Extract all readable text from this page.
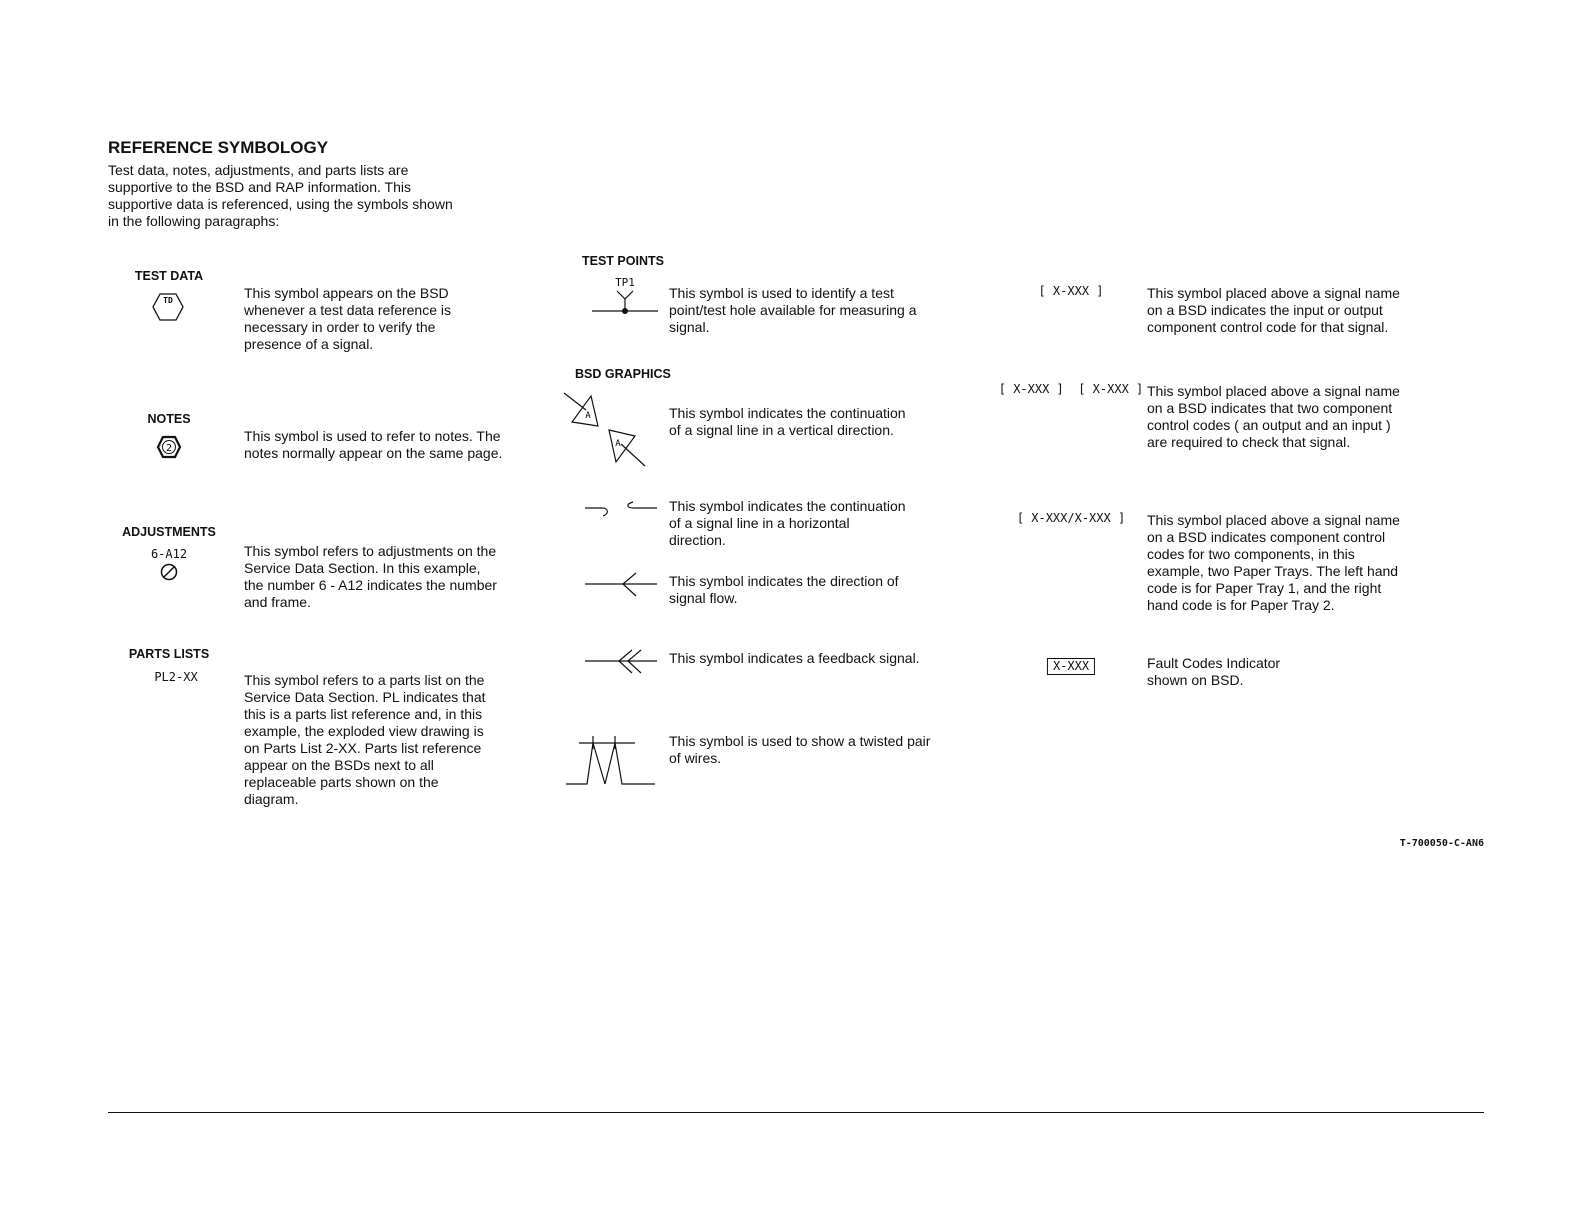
REFERENCE SYMBOLOGY

Test data, notes, adjustments, and parts lists are supportive to the BSD and RAP information. This supportive data is referenced, using the symbols shown in the following paragraphs:

TEST DATA
TD	This symbol appears on the BSD whenever a test data reference is necessary in order to verify the presence of a signal.

NOTES
2

This symbol is used to refer to notes. The notes normally appear on the same page.

ADJUSTMENTS
6-A12	This symbol refers to adjustments on the Service Data Section. In this example, the number 6 - A12 indicates the number and frame.

PARTS LISTS
PL2-XX	This symbol refers to a parts list on the Service Data Section. PL indicates that this is a parts list reference and, in this example, the exploded view drawing is on Parts List 2-XX. Parts list reference appear on the BSDs next to all replaceable parts shown on the diagram.

TEST POINTS
TP1

This symbol is used to identify a test point/test hole available for measuring a signal.

BSD GRAPHICS
A
A

This symbol indicates the continuation of a signal line in a vertical direction.

This symbol indicates the continuation of a signal line in a horizontal direction.

This symbol indicates the direction of signal flow.

This symbol indicates a feedback signal.

This symbol is used to show a twisted pair of wires.

[ X-XXX ]	This symbol placed above a signal name on a BSD indicates the input or output component control code for that signal.

[ X-XXX ]  [ X-XXX ] This symbol placed above a signal name on a BSD indicates that two component control codes ( an output and an input ) are required to check that signal.

[ X-XXX/X-XXX ] This symbol placed above a signal name on a BSD indicates component control codes for two components, in this example, two Paper Trays. The left hand code is for Paper Tray 1, and the right hand code is for Paper Tray 2.

X-XXX	Fault Codes Indicator shown on BSD.

T-700050-C-AN6
